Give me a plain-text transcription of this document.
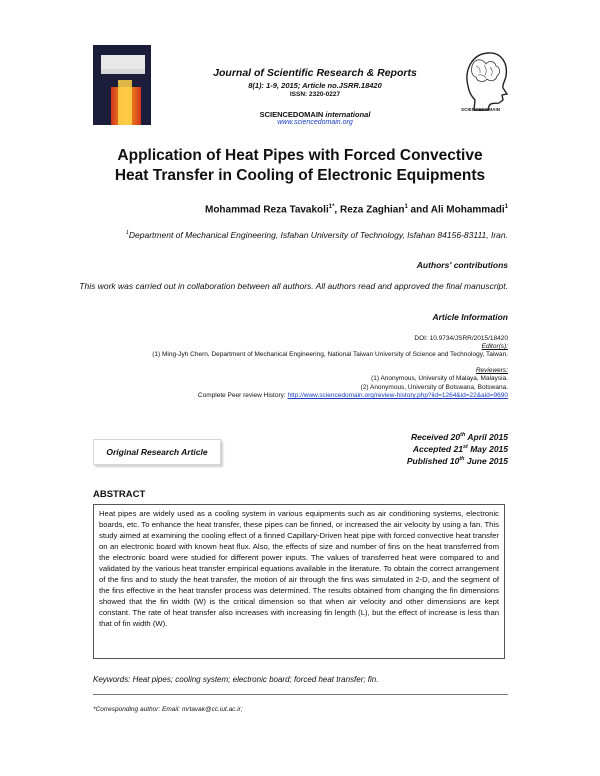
Journal of Scientific Research & Reports
8(1): 1-9, 2015; Article no.JSRR.18420
ISSN: 2320-0227
SCIENCEDOMAIN international
www.sciencedomain.org
SCIENCEDOMAIN
Application of Heat Pipes with Forced Convective
Heat Transfer in Cooling of Electronic Equipments
Mohammad Reza Tavakoli$^{1*}$, Reza Zaghian$^1$ and Ali Mohammadi$^1$
$^1$Department of Mechanical Engineering, Isfahan University of Technology, Isfahan 84156-83111, Iran.
Authors' contributions
This work was carried out in collaboration between all authors. All authors read and approved the final manuscript.
Article Information
DOI: 10.9734/JSRR/2015/18420
Editor(s):
(1) Ming-Jyh Chern, Department of Mechanical Engineering, National Taiwan University of Science and Technology, Taiwan.
Reviewers:
(1) Anonymous, University of Malaya, Malaysia.
(2) Anonymous, University of Botswana, Botswana.
Complete Peer review History: http://www.sciencedomain.org/review-history.php?iid=1264&id=22&aid=9690
Original Research Article
Received 20th April 2015
Accepted 21st May 2015
Published 10th June 2015
ABSTRACT
Heat pipes are widely used as a cooling system in various equipments such as air conditioning systems, electronic boards, etc. To enhance the heat transfer, these pipes can be finned, or increased the air velocity by using a fan. This study aimed at examining the cooling effect of a finned Capillary-Driven heat pipe with forced convective heat transfer on an electronic board with known heat flux. Also, the effects of size and number of fins on the heat transferred from the electronic board were studied for different power inputs. The values of transferred heat were compared to and validated by the various heat transfer empirical equations available in the literature. To obtain the correct arrangement of the fins and to study the heat transfer, the motion of air through the fins was simulated in 2-D, and the segment of the fins effective in the heat transfer process was determined. The results obtained from changing the fin dimensions showed that the fin width (W) is the critical dimension so that when air velocity and other dimensions are kept constant. The rate of heat transfer also increases with increasing fin length (L), but the effect of increase is less than that of fin width (W).
Keywords: Heat pipes; cooling system; electronic board; forced heat transfer; fin.
*Corresponding author: Email: mrtavak@cc.iut.ac.ir;
